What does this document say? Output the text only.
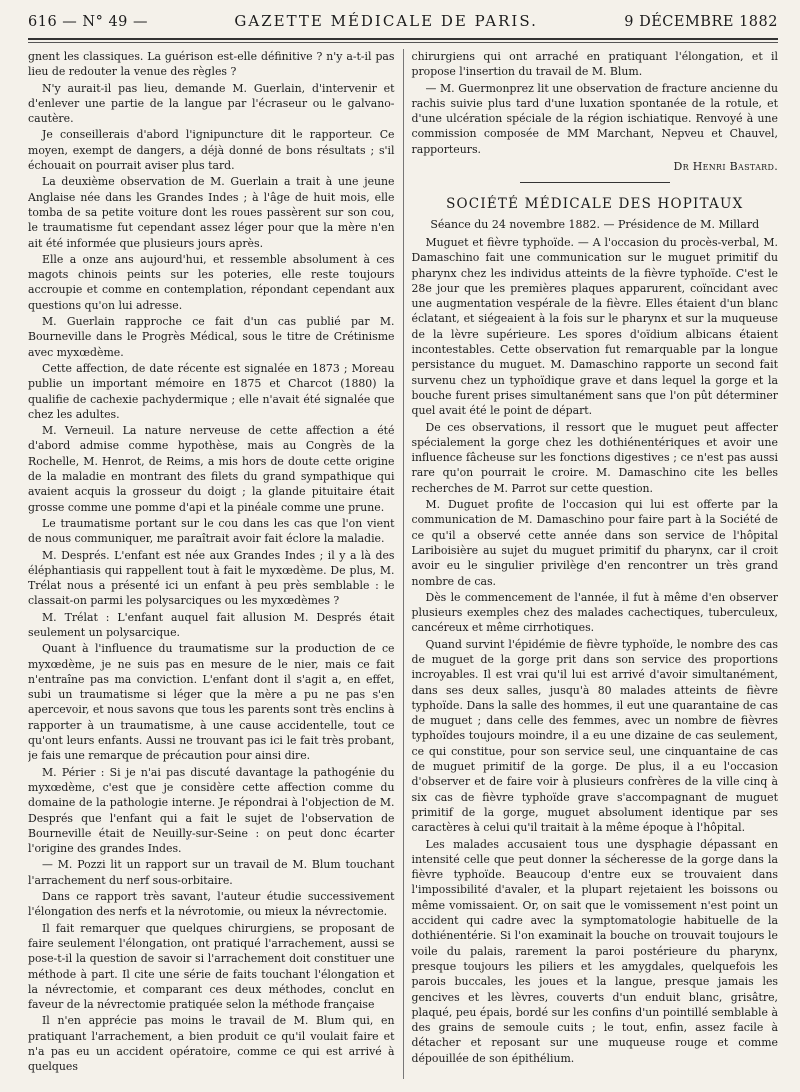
616 — N° 49 —	GAZETTE MÉDICALE DE PARIS.	9 DÉCEMBRE 1882

gnent les classiques. La guérison est-elle définitive ? n'y a-t-il pas lieu de redouter la venue des règles ?

N'y aurait-il pas lieu, demande M. Guerlain, d'intervenir et d'enlever une partie de la langue par l'écraseur ou le galvano-cautère.

Je conseillerais d'abord l'ignipuncture dit le rapporteur. Ce moyen, exempt de dangers, a déjà donné de bons résultats ; s'il échouait on pourrait aviser plus tard.

La deuxième observation de M. Guerlain a trait à une jeune Anglaise née dans les Grandes Indes ; à l'âge de huit mois, elle tomba de sa petite voiture dont les roues passèrent sur son cou, le traumatisme fut cependant assez léger pour que la mère n'en ait été informée que plusieurs jours après.

Elle a onze ans aujourd'hui, et ressemble absolument à ces magots chinois peints sur les poteries, elle reste toujours accroupie et comme en contemplation, répondant cependant aux questions qu'on lui adresse.

M. Guerlain rapproche ce fait d'un cas publié par M. Bourneville dans le Progrès Médical, sous le titre de Crétinisme avec myxœdème.

Cette affection, de date récente est signalée en 1873 ; Moreau publie un important mémoire en 1875 et Charcot (1880) la qualifie de cachexie pachydermique ; elle n'avait été signalée que chez les adultes.

M. Verneuil. La nature nerveuse de cette affection a été d'abord admise comme hypothèse, mais au Congrès de la Rochelle, M. Henrot, de Reims, a mis hors de doute cette origine de la maladie en montrant des filets du grand sympathique qui avaient acquis la grosseur du doigt ; la glande pituitaire était grosse comme une pomme d'api et la pinéale comme une prune.

Le traumatisme portant sur le cou dans les cas que l'on vient de nous communiquer, me paraîtrait avoir fait éclore la maladie.

M. Després. L'enfant est née aux Grandes Indes ; il y a là des éléphantiasis qui rappellent tout à fait le myxœdème. De plus, M. Trélat nous a présenté ici un enfant à peu près semblable : le classait-on parmi les polysarciques ou les myxœdèmes ?

M. Trélat : L'enfant auquel fait allusion M. Després était seulement un polysarcique.

Quant à l'influence du traumatisme sur la production de ce myxœdème, je ne suis pas en mesure de le nier, mais ce fait n'entraîne pas ma conviction. L'enfant dont il s'agit a, en effet, subi un traumatisme si léger que la mère a pu ne pas s'en apercevoir, et nous savons que tous les parents sont très enclins à rapporter à un traumatisme, à une cause accidentelle, tout ce qu'ont leurs enfants. Aussi ne trouvant pas ici le fait très probant, je fais une remarque de précaution pour ainsi dire.

M. Périer : Si je n'ai pas discuté davantage la pathogénie du myxœdème, c'est que je considère cette affection comme du domaine de la pathologie interne. Je répondrai à l'objection de M. Després que l'enfant qui a fait le sujet de l'observation de Bourneville était de Neuilly-sur-Seine : on peut donc écarter l'origine des grandes Indes.

— M. Pozzi lit un rapport sur un travail de M. Blum touchant l'arrachement du nerf sous-orbitaire.

Dans ce rapport très savant, l'auteur étudie successivement l'élongation des nerfs et la névrotomie, ou mieux la névrectomie.

Il fait remarquer que quelques chirurgiens, se proposant de faire seulement l'élongation, ont pratiqué l'arrachement, aussi se pose-t-il la question de savoir si l'arrachement doit constituer une méthode à part. Il cite une série de faits touchant l'élongation et la névrectomie, et comparant ces deux méthodes, conclut en faveur de la névrectomie pratiquée selon la méthode française

Il n'en apprécie pas moins le travail de M. Blum qui, en pratiquant l'arrachement, a bien produit ce qu'il voulait faire et n'a pas eu un accident opératoire, comme ce qui est arrivé à quelques

chirurgiens qui ont arraché en pratiquant l'élongation, et il propose l'insertion du travail de M. Blum.

— M. Guermonprez lit une observation de fracture ancienne du rachis suivie plus tard d'une luxation spontanée de la rotule, et d'une ulcération spéciale de la région ischiatique. Renvoyé à une commission composée de MM Marchant, Nepveu et Chauvel, rapporteurs.

Dr Henri Bastard.
SOCIÉTÉ MÉDICALE DES HOPITAUX
Séance du 24 novembre 1882. — Présidence de M. Millard

Muguet et fièvre typhoïde. — A l'occasion du procès-verbal, M. Damaschino fait une communication sur le muguet primitif du pharynx chez les individus atteints de la fièvre typhoïde. C'est le 28e jour que les premières plaques apparurent, coïncidant avec une augmentation vespérale de la fièvre. Elles étaient d'un blanc éclatant, et siégeaient à la fois sur le pharynx et sur la muqueuse de la lèvre supérieure. Les spores d'oïdium albicans étaient incontestables. Cette observation fut remarquable par la longue persistance du muguet. M. Damaschino rapporte un second fait survenu chez un typhoïdique grave et dans lequel la gorge et la bouche furent prises simultanément sans que l'on pût déterminer quel avait été le point de départ.

De ces observations, il ressort que le muguet peut affecter spécialement la gorge chez les dothiénentériques et avoir une influence fâcheuse sur les fonctions digestives ; ce n'est pas aussi rare qu'on pourrait le croire. M. Damaschino cite les belles recherches de M. Parrot sur cette question.

M. Duguet profite de l'occasion qui lui est offerte par la communication de M. Damaschino pour faire part à la Société de ce qu'il a observé cette année dans son service de l'hôpital Lariboisière au sujet du muguet primitif du pharynx, car il croit avoir eu le singulier privilège d'en rencontrer un très grand nombre de cas.

Dès le commencement de l'année, il fut à même d'en observer plusieurs exemples chez des malades cachectiques, tuberculeux, cancéreux et même cirrhotiques.

Quand survint l'épidémie de fièvre typhoïde, le nombre des cas de muguet de la gorge prit dans son service des proportions incroyables. Il est vrai qu'il lui est arrivé d'avoir simultanément, dans ses deux salles, jusqu'à 80 malades atteints de fièvre typhoïde. Dans la salle des hommes, il eut une quarantaine de cas de muguet ; dans celle des femmes, avec un nombre de fièvres typhoïdes toujours moindre, il a eu une dizaine de cas seulement, ce qui constitue, pour son service seul, une cinquantaine de cas de muguet primitif de la gorge. De plus, il a eu l'occasion d'observer et de faire voir à plusieurs confrères de la ville cinq à six cas de fièvre typhoïde grave s'accompagnant de muguet primitif de la gorge, muguet absolument identique par ses caractères à celui qu'il traitait à la même époque à l'hôpital.

Les malades accusaient tous une dysphagie dépassant en intensité celle que peut donner la sécheresse de la gorge dans la fièvre typhoïde. Beaucoup d'entre eux se trouvaient dans l'impossibilité d'avaler, et la plupart rejetaient les boissons ou même vomissaient. Or, on sait que le vomissement n'est point un accident qui cadre avec la symptomatologie habituelle de la dothiénentérie. Si l'on examinait la bouche on trouvait toujours le voile du palais, rarement la paroi postérieure du pharynx, presque toujours les piliers et les amygdales, quelquefois les parois buccales, les joues et la langue, presque jamais les gencives et les lèvres, couverts d'un enduit blanc, grisâtre, plaqué, peu épais, bordé sur les confins d'un pointillé semblable à des grains de semoule cuits ; le tout, enfin, assez facile à détacher et reposant sur une muqueuse rouge et comme dépouillée de son épithélium.
